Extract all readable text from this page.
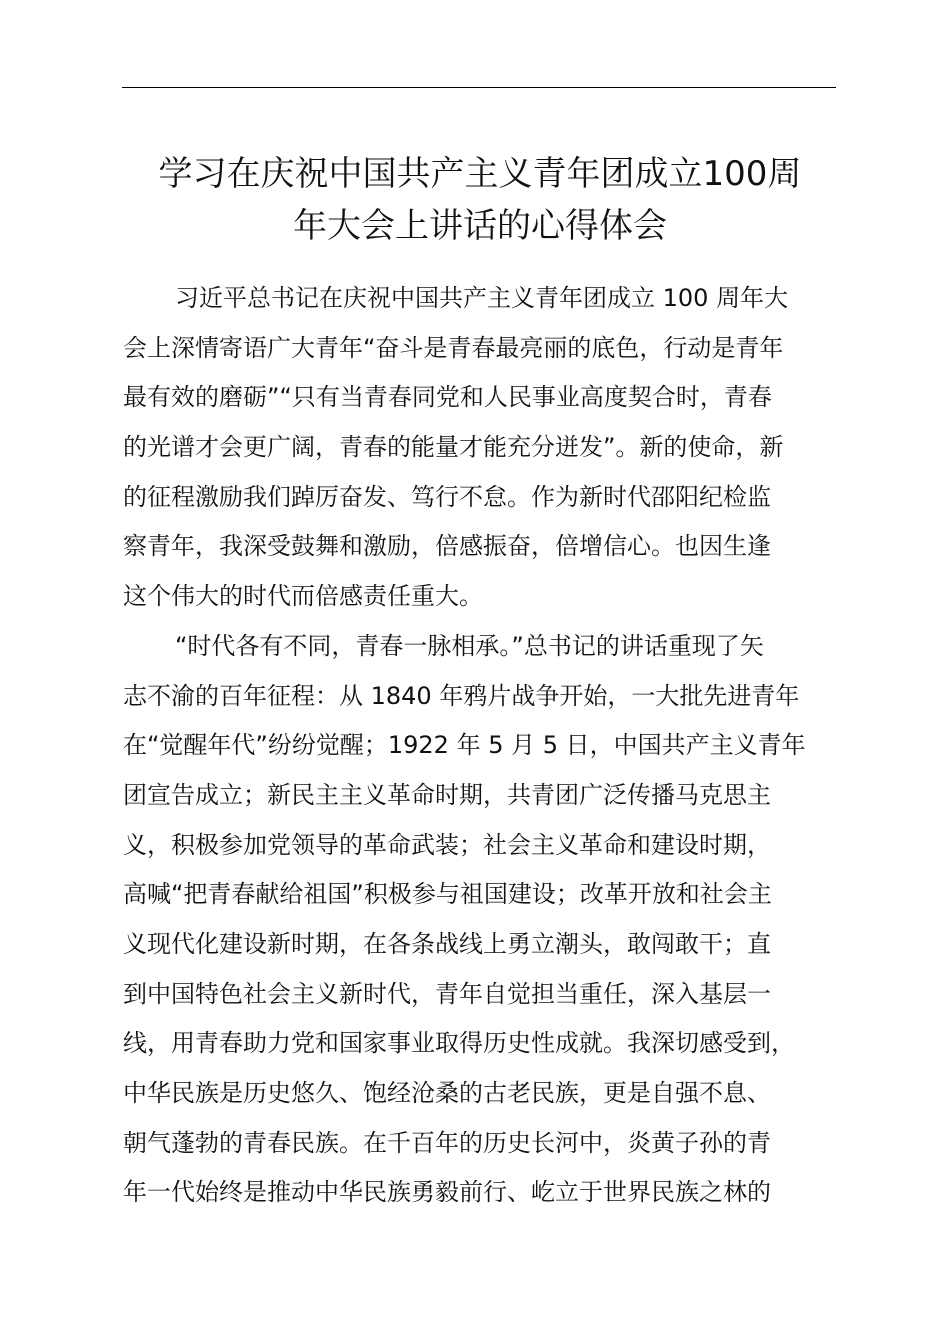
学习在庆祝中国共产主义青年团成立100周
年大会上讲话的心得体会
习近平总书记在庆祝中国共产主义青年团成立 100 周年大
会上深情寄语广大青年“奋斗是青春最亮丽的底色，行动是青年
最有效的磨砺”“只有当青春同党和人民事业高度契合时，青春
的光谱才会更广阔，青春的能量才能充分迸发”。新的使命，新
的征程激励我们踔厉奋发、笃行不怠。作为新时代邵阳纪检监
察青年，我深受鼓舞和激励，倍感振奋，倍增信心。也因生逢
这个伟大的时代而倍感责任重大。
“时代各有不同，青春一脉相承。”总书记的讲话重现了矢
志不渝的百年征程：从 1840 年鸦片战争开始，一大批先进青年
在“觉醒年代”纷纷觉醒；1922 年 5 月 5 日，中国共产主义青年
团宣告成立；新民主主义革命时期，共青团广泛传播马克思主
义，积极参加党领导的革命武装；社会主义革命和建设时期，
高喊“把青春献给祖国”积极参与祖国建设；改革开放和社会主
义现代化建设新时期，在各条战线上勇立潮头，敢闯敢干；直
到中国特色社会主义新时代，青年自觉担当重任，深入基层一
线，用青春助力党和国家事业取得历史性成就。我深切感受到，
中华民族是历史悠久、饱经沧桑的古老民族，更是自强不息、
朝气蓬勃的青春民族。在千百年的历史长河中，炎黄子孙的青
年一代始终是推动中华民族勇毅前行、屹立于世界民族之林的
